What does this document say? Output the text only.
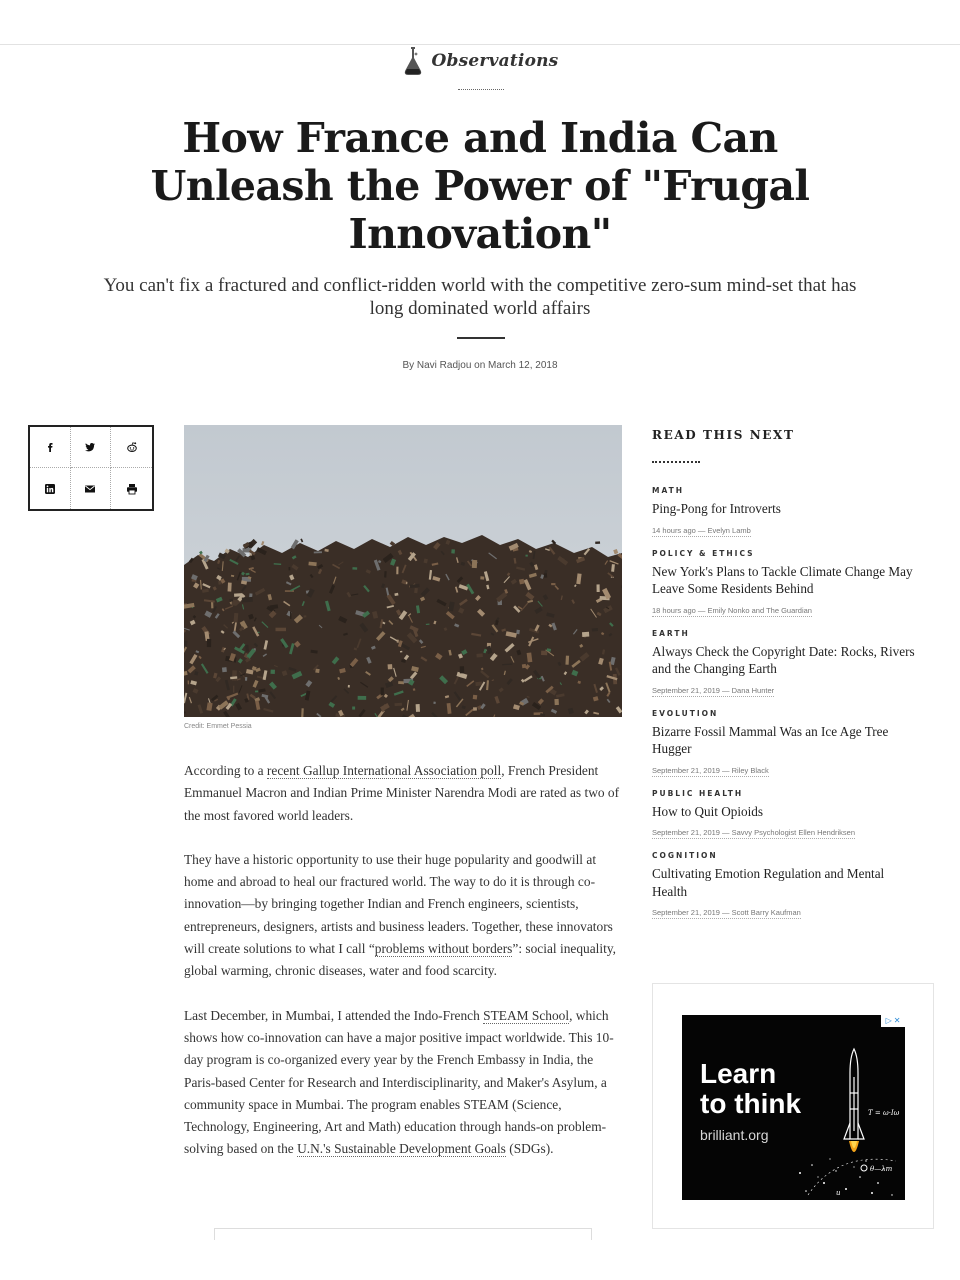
Observations
How France and India Can Unleash the Power of "Frugal Innovation"

You can't fix a fractured and conflict-ridden world with the competitive zero-sum mind-set that has long dominated world affairs

By Navi Radjou on March 12, 2018

Credit: Emmet Pessia

According to a recent Gallup International Association poll, French President Emmanuel Macron and Indian Prime Minister Narendra Modi are rated as two of the most favored world leaders.

They have a historic opportunity to use their huge popularity and goodwill at home and abroad to heal our fractured world. The way to do it is through co-innovation—by bringing together Indian and French engineers, scientists, entrepreneurs, designers, artists and business leaders. Together, these innovators will create solutions to what I call “problems without borders”: social inequality, global warming, chronic diseases, water and food scarcity.

Last December, in Mumbai, I attended the Indo-French STEAM School, which shows how co-innovation can have a major positive impact worldwide. This 10-day program is co-organized every year by the French Embassy in India, the Paris-based Center for Research and Interdisciplinarity, and Maker's Asylum, a community space in Mumbai. The program enables STEAM (Science, Technology, Engineering, Art and Math) education through hands-on problem-solving based on the U.N.'s Sustainable Development Goals (SDGs).

READ THIS NEXT
MATH
Ping-Pong for Introverts
14 hours ago — Evelyn Lamb
POLICY & ETHICS
New York's Plans to Tackle Climate Change May Leave Some Residents Behind
18 hours ago — Emily Nonko and The Guardian
EARTH
Always Check the Copyright Date: Rocks, Rivers and the Changing Earth
September 21, 2019 — Dana Hunter
EVOLUTION
Bizarre Fossil Mammal Was an Ice Age Tree Hugger
September 21, 2019 — Riley Black
PUBLIC HEALTH
How to Quit Opioids
September 21, 2019 — Savvy Psychologist Ellen Hendriksen
COGNITION
Cultivating Emotion Regulation and Mental Health
September 21, 2019 — Scott Barry Kaufman
▷ ✕
Learn
to think
brilliant.org
T = ω·Iω
θ—λm
u
